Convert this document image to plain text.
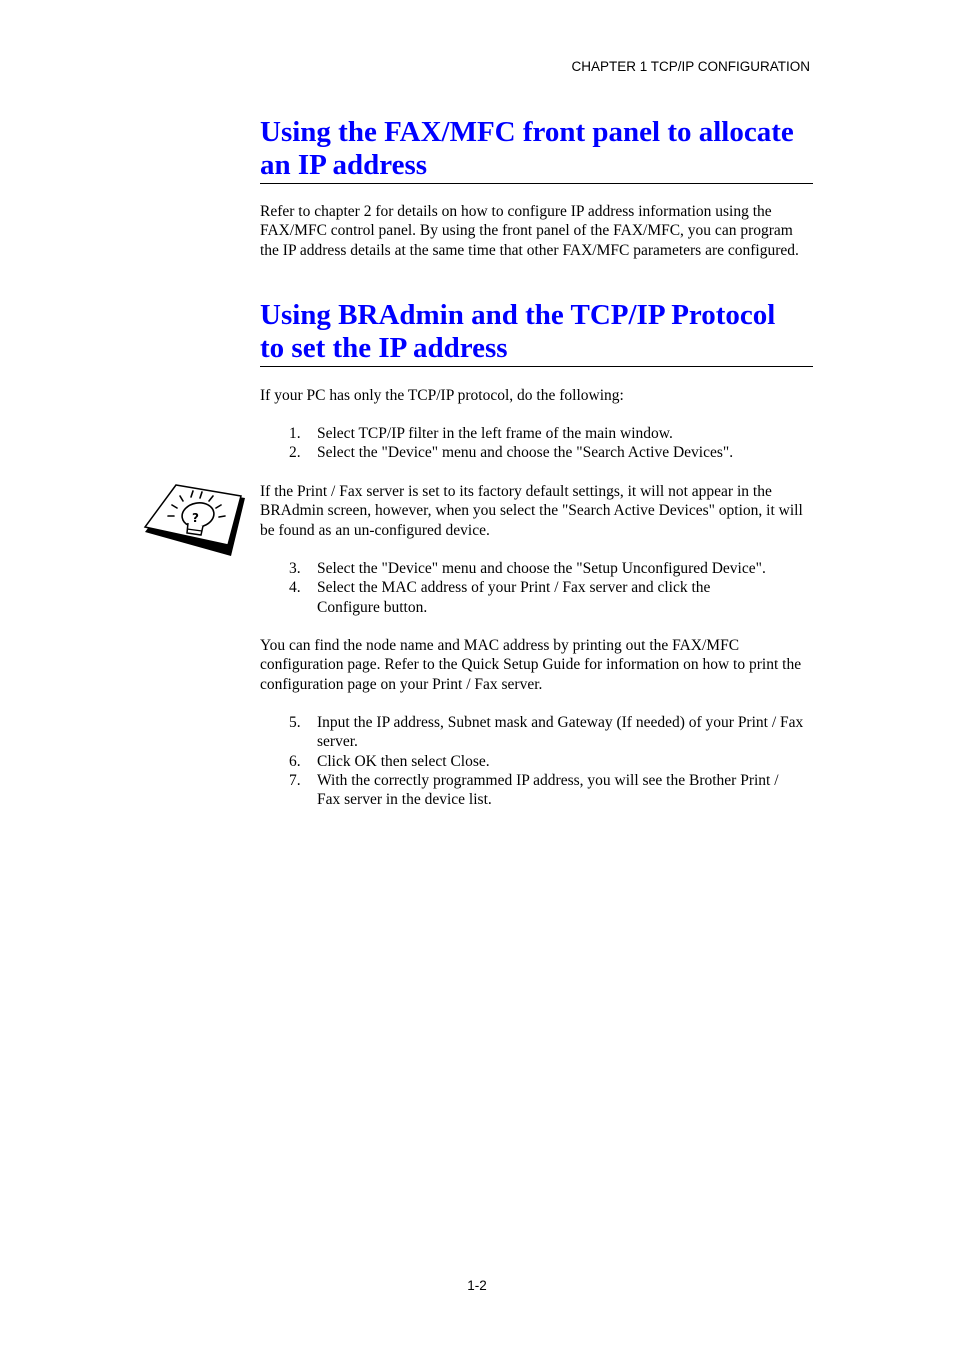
CHAPTER 1 TCP/IP CONFIGURATION
?
Using the FAX/MFC front panel to allocate
an IP address

Refer to chapter 2 for details on how to configure IP address information using the FAX/MFC control panel. By using the front panel of the FAX/MFC, you can program the IP address details at the same time that other FAX/MFC parameters are configured.

Using BRAdmin and the TCP/IP Protocol
to set the IP address

If your PC has only the TCP/IP protocol, do the following:

1. Select TCP/IP filter in the left frame of the main window.
2. Select the "Device" menu and choose the "Search Active Devices".

If the Print / Fax server is set to its factory default settings, it will not appear in the BRAdmin screen, however, when you select the "Search Active Devices" option, it will be found as an un-configured device.

3. Select the "Device" menu and choose the "Setup Unconfigured Device".
4. Select the MAC address of your Print / Fax server and click the Configure button.

You can find the node name and MAC address by printing out the FAX/MFC configuration page. Refer to the Quick Setup Guide for information on how to print the configuration page on your Print / Fax server.

5. Input the IP address, Subnet mask and Gateway (If needed) of your Print / Fax server.
6. Click OK then select Close.
7. With the correctly programmed IP address, you will see the Brother Print / Fax server in the device list.
1-2
